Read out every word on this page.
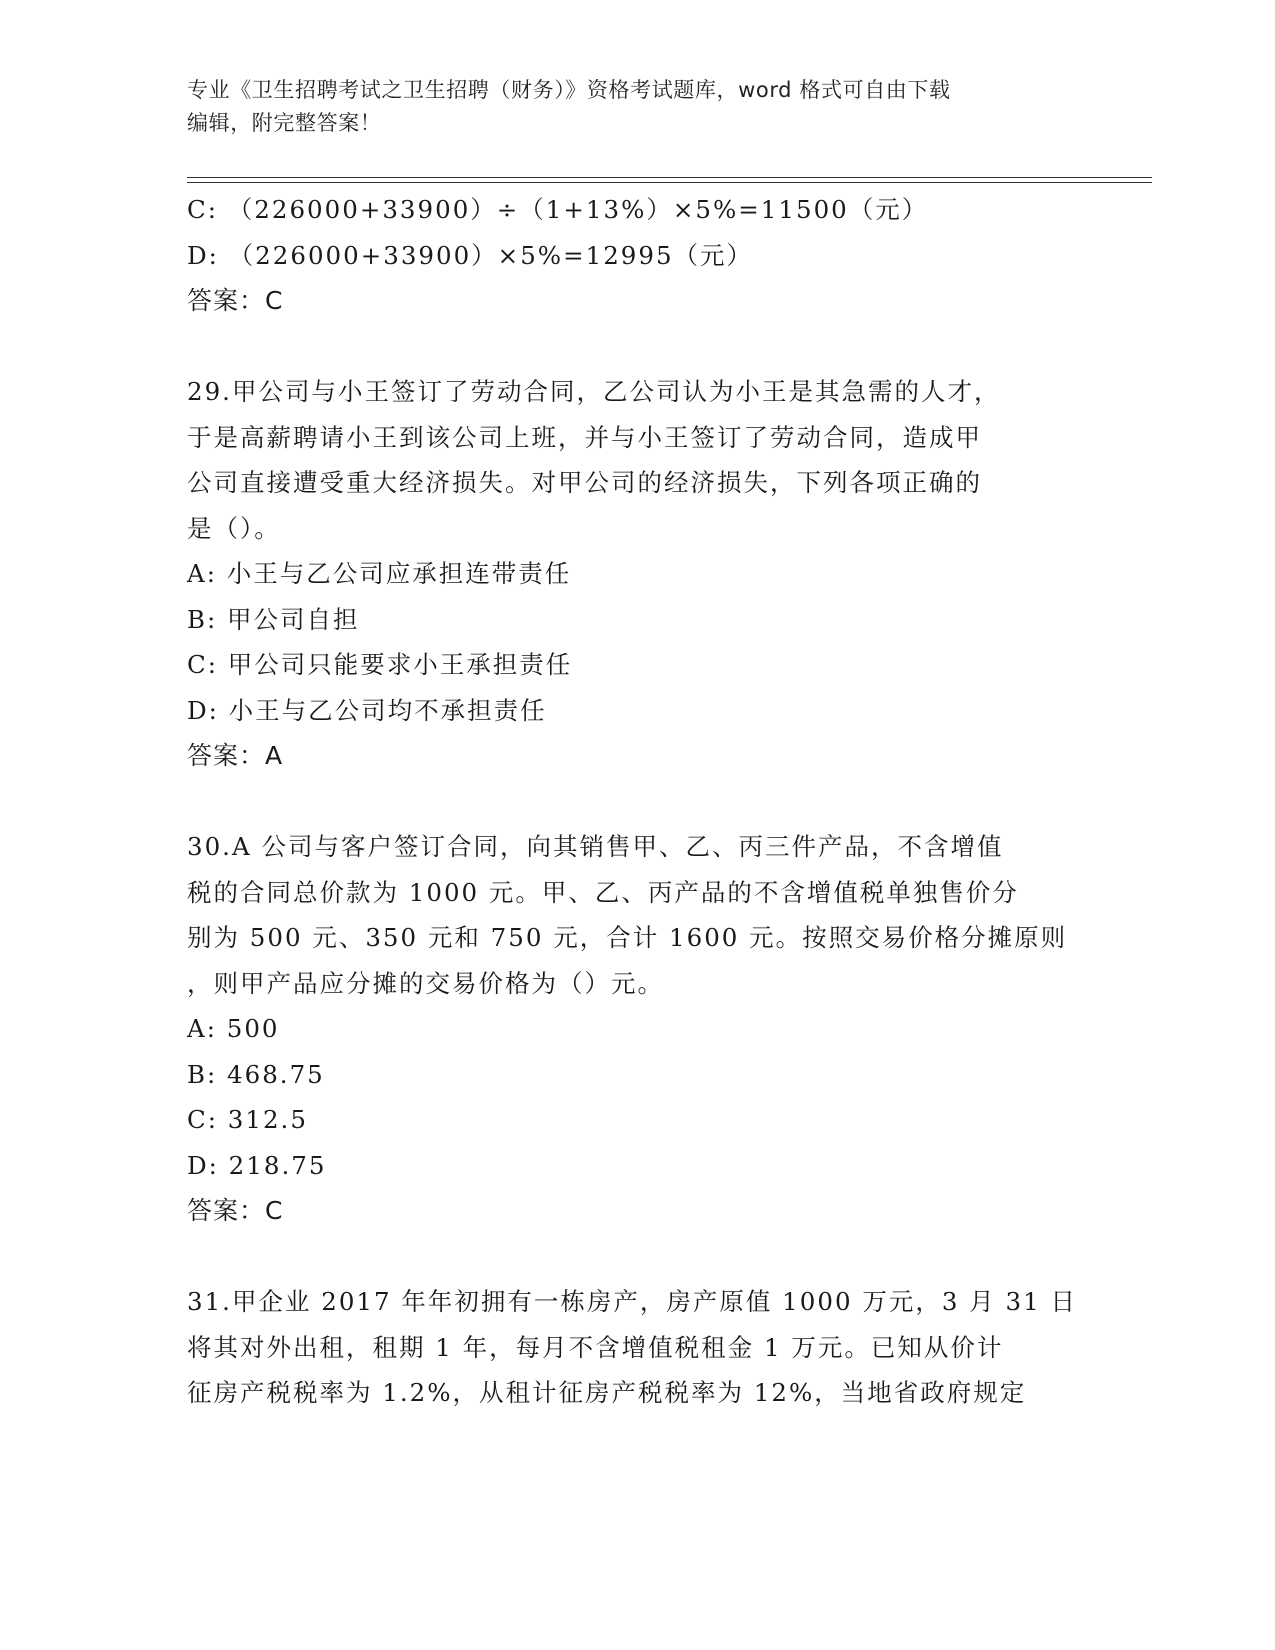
专业《卫生招聘考试之卫生招聘（财务）》资格考试题库，word 格式可自由下载
编辑，附完整答案！
C: （226000+33900）÷（1+13%）×5%=11500（元）
D: （226000+33900）×5%=12995（元）
答案：C
29.甲公司与小王签订了劳动合同，乙公司认为小王是其急需的人才，
于是高薪聘请小王到该公司上班，并与小王签订了劳动合同，造成甲
公司直接遭受重大经济损失。对甲公司的经济损失，下列各项正确的
是（）。
A: 小王与乙公司应承担连带责任
B: 甲公司自担
C: 甲公司只能要求小王承担责任
D: 小王与乙公司均不承担责任
答案：A
30.A 公司与客户签订合同，向其销售甲、乙、丙三件产品，不含增值
税的合同总价款为 1000 元。甲、乙、丙产品的不含增值税单独售价分
别为 500 元、350 元和 750 元，合计 1600 元。按照交易价格分摊原则
，则甲产品应分摊的交易价格为（）元。
A: 500
B: 468.75
C: 312.5
D: 218.75
答案：C
31.甲企业 2017 年年初拥有一栋房产，房产原值 1000 万元，3 月 31 日
将其对外出租，租期 1 年，每月不含增值税租金 1 万元。已知从价计
征房产税税率为 1.2%，从租计征房产税税率为 12%，当地省政府规定
